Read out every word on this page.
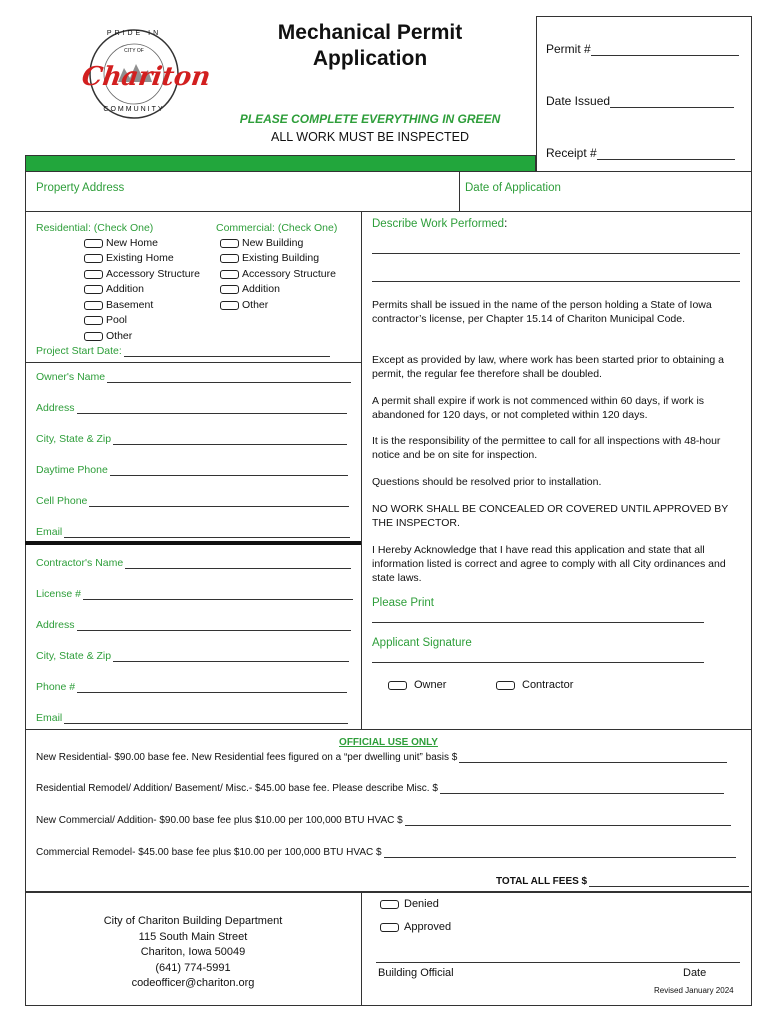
PRIDE IN
CITY OF
Chariton
COMMUNITY
Mechanical Permit
Application
PLEASE COMPLETE EVERYTHING IN GREEN
ALL WORK MUST BE INSPECTED
Permit #
Date Issued
Receipt #
Property Address	Date of Application
Residential: (Check One)	Commercial: (Check One)
New Home
Existing Home
Accessory Structure
Addition
Basement
Pool
Other
New Building
Existing Building
Accessory Structure
Addition
Other
Project Start Date:
Owner's Name
Address
City, State & Zip
Daytime Phone
Cell Phone
Email
Contractor's Name
License #
Address
City, State & Zip
Phone #
Email
Describe Work Performed:
Permits shall be issued in the name of the person holding a State of Iowa contractor’s license, per Chapter 15.14 of Chariton Municipal Code.
Except as provided by law, where work has been started prior to obtaining a permit, the regular fee therefore shall be doubled.
A permit shall expire if work is not commenced within 60 days, if work is abandoned for 120 days, or not completed within 120 days.
It is the responsibility of the permittee to call for all inspections with 48-hour notice and be on site for inspection.
Questions should be resolved prior to installation.
NO WORK SHALL BE CONCEALED OR COVERED UNTIL APPROVED BY THE INSPECTOR.
I Hereby Acknowledge that I have read this application and state that all information listed is correct and agree to comply with all City ordinances and state laws.
Please Print
Applicant Signature
Owner	Contractor
OFFICIAL USE ONLY
New Residential- $90.00 base fee. New Residential fees figured on a “per dwelling unit” basis $
Residential Remodel/ Addition/ Basement/ Misc.- $45.00 base fee. Please describe Misc. $
New Commercial/ Addition- $90.00 base fee plus $10.00 per 100,000 BTU HVAC $
Commercial Remodel- $45.00 base fee plus $10.00 per 100,000 BTU HVAC $
TOTAL ALL FEES $
City of Chariton Building Department
115 South Main Street
Chariton, Iowa 50049
(641) 774-5991
codeofficer@chariton.org
Denied
Approved
Building Official	Date
Revised January 2024
